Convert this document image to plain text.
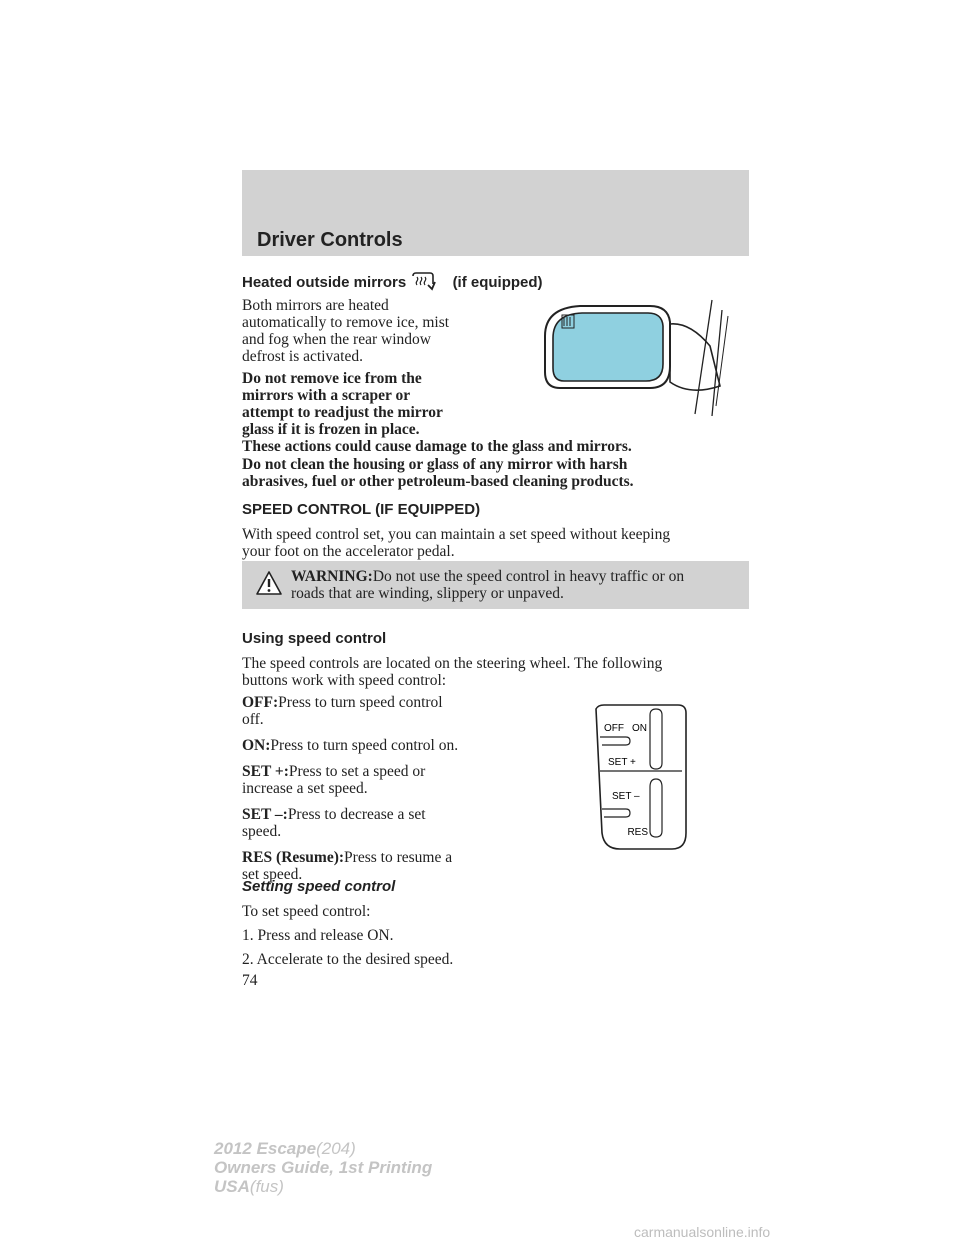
Driver Controls
Heated outside mirrors	(if equipped)
Both mirrors are heated
automatically to remove ice, mist
and fog when the rear window
defrost is activated.
Do not remove ice from the
mirrors with a scraper or
attempt to readjust the mirror
glass if it is frozen in place.
These actions could cause damage to the glass and mirrors.
Do not clean the housing or glass of any mirror with harsh
abrasives, fuel or other petroleum-based cleaning products.
SPEED CONTROL (IF EQUIPPED)
With speed control set, you can maintain a set speed without keeping
your foot on the accelerator pedal.
WARNING:Do not use the speed control in heavy traffic or on
roads that are winding, slippery or unpaved.
Using speed control
The speed controls are located on the steering wheel. The following
buttons work with speed control:
OFF:Press to turn speed control
off.
ON:Press to turn speed control on.
SET +:Press to set a speed or
increase a set speed.
SET –:Press to decrease a set
speed.
RES (Resume):Press to resume a
set speed.
OFF ON
SET +
SET –
RES
Setting speed control
To set speed control:
1. Press and release ON.
2. Accelerate to the desired speed.
74
2012 Escape(204)
Owners Guide, 1st Printing
USA(fus)
carmanualsonline.info
